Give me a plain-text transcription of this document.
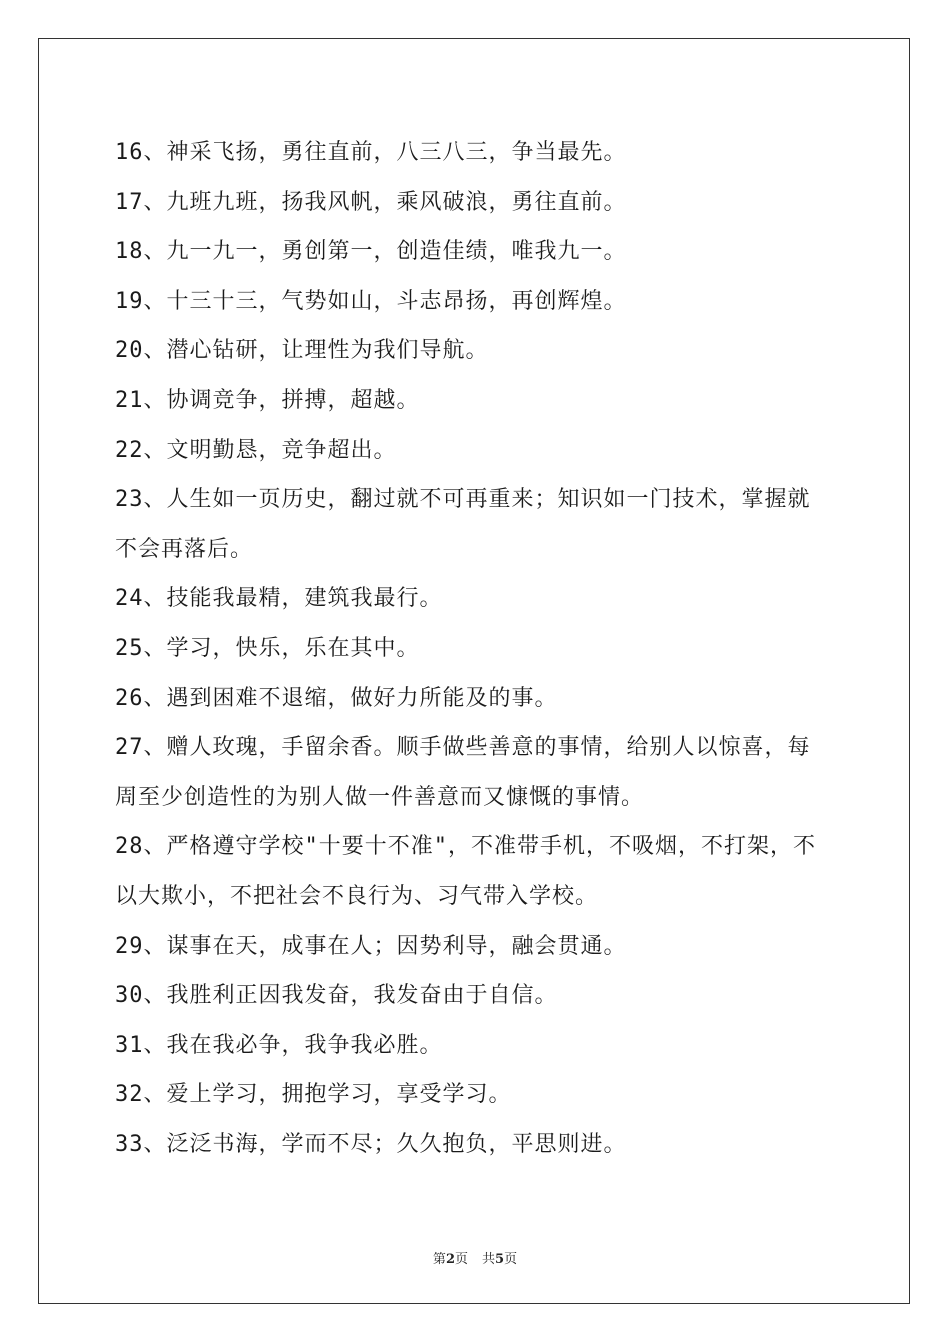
16、神采飞扬，勇往直前，八三八三，争当最先。
17、九班九班，扬我风帆，乘风破浪，勇往直前。
18、九一九一，勇创第一，创造佳绩，唯我九一。
19、十三十三，气势如山，斗志昂扬，再创辉煌。
20、潜心钻研，让理性为我们导航。
21、协调竞争，拼搏，超越。
22、文明勤恳，竞争超出。
23、人生如一页历史，翻过就不可再重来；知识如一门技术，掌握就
不会再落后。
24、技能我最精，建筑我最行。
25、学习，快乐，乐在其中。
26、遇到困难不退缩，做好力所能及的事。
27、赠人玫瑰，手留余香。顺手做些善意的事情，给别人以惊喜，每
周至少创造性的为别人做一件善意而又慷慨的事情。
28、严格遵守学校"十要十不准"，不准带手机，不吸烟，不打架，不
以大欺小，不把社会不良行为、习气带入学校。
29、谋事在天，成事在人；因势利导，融会贯通。
30、我胜利正因我发奋，我发奋由于自信。
31、我在我必争，我争我必胜。
32、爱上学习，拥抱学习，享受学习。
33、泛泛书海，学而不尽；久久抱负，平思则进。
第2页 共5页
